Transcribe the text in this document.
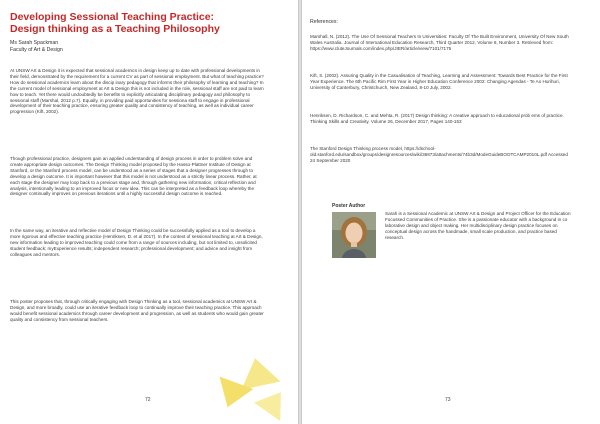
Developing Sessional Teaching Practice: Design thinking as a Teaching Philosophy
Ms Sarah Spackman
Faculty of Art & Design

At UNSW Art & Design it is expected that sessional academics in design keep up to date with professional developments in their field, demonstrated by the requirement for a current CV as part of sessional employment. But what of teaching practice? How do sessional academics learn about the discip inary pedagogy that informs their philosophy of learning and teaching? In the current model of sessional employment at Art & Design this is not included in the role, sessional staff are not paid to learn how to teach. Yet there would undoubtedly be benefits to explicitly articulating disciplinary pedagogy and philosophy to sessional staff (Marshal, 2012 p.7). Equally, in providing paid opportunities for sessiona staff to engage in professional development of their teaching practice, ensuring greater quality and consistency of teaching, as well as individual career progression (Kift, 2002).

Though professional practice, designers gain an applied understanding of design process in order to problem solve and create appropriate design outcomes. The Design Thinking model proposed by the Hasso-Plattner Institute of Design at Stanford, or the Stanford process model, can be understood as a series of stages that a designer progresses through to develop a design outcome. It is important however that this model is not understood as a strictly linear process. Rather, at each stage the designer may loop back to a previous stage and, through gathering new information, critical reflection and analysis, intentionally leading to an improved focus or new idea. This can be interpreted as a feedback loop whereby the designer continually improves on previous iterations until a highly successful design outcome is reached.

In the same way, an iterative and reflective model of Design Thinking could be successfully applied as a tool to develop a more rigorous and effective teaching practice (Henriksen, D. et al 2017). In the context of sessional teaching at Art & Design, new information leading to improved teaching could come from a range of sources including, but not limited to, unsolicited student feedback; myExperience results; independent research; professional development; and advice and insight from colleagues and mentors.

This poster proposes that, through critically engaging with Design Thinking as a tool, sessional academics at UNSW Art & Design, and more broadly, could use an iterative feedback loop to continually improve their teaching practice. This approach would benefit sessional academics through career development and progression, as well as students who would gain greater quality and consistency from sessional teachers.

72
References:

Marshall, N. (2012). The Use Of Sessional Teachers In Universities: Faculty Of The Built Environment, University Of New South Wales Australia. Journal of International Education Research, Third Quarter 2012, Volume 8, Number 3. Retrieved from: https://www.cluteJournals.com/index.php/JIER/article/view/7101/7175

Kift, S. (2002). Assuring Quality in the Casualisation of Teaching, Learning and Assessment: Towards Best Practice for the First Year Experience. The 6th Pacific Rim First Year in Higher Education Conference 2002: Changing Agendas - Te Ao Hurihuri, University of Canterbury, Christchurch, New Zealand, 8-10 July, 2002.

Henriksen, D. Richardson, C. and Mehta, R. (2017) Design thinking: A creative approach to educational prob ems of practice. Thinking Skills and Creativity. Volume 26, December 2017, Pages 140-153

The Stanford Design Thinking process model, https://dschool-old.stanford.edu/sandbox/groups/designresources/wiki/36873/attachments/74b3d/ModeGuideBOOTCAMP2010L.pdf Accessed 24 September 2020

Poster Author

Sarah is a Sessional Academic at UNSW Art & Design and Project Officer for the Education Focussed Communities of Practice. She is a passionate educator with a background in co laborative design and object making. Her multidisciplinary design practice focuses on conceptual design across the handmade, small scale production, and practice based research.

73
